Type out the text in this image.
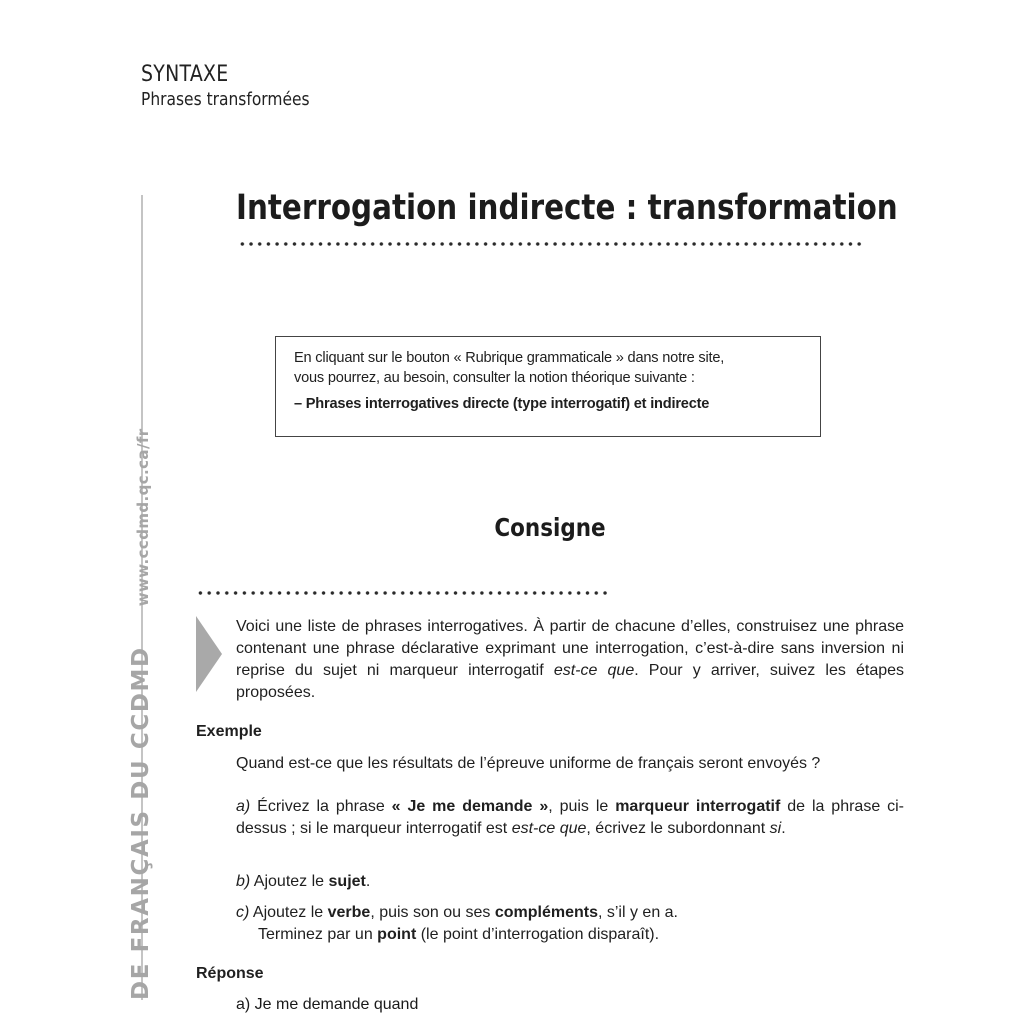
SYNTAXE
Phrases transformées
DE FRANÇAIS DU CCDMDwww.ccdmd.qc.ca/fr
Interrogation indirecte : transformation

En cliquant sur le bouton « Rubrique grammaticale » dans notre site,

vous pourrez, au besoin, consulter la notion théorique suivante :

– Phrases interrogatives directe (type interrogatif) et indirecte

Consigne
Voici une liste de phrases interrogatives. À partir de chacune d’elles, construisez une phrase contenant une phrase déclarative exprimant une interrogation, c’est-à-dire sans inversion ni reprise du sujet ni marqueur interrogatif est-ce que. Pour y arriver, suivez les étapes proposées.
Exemple
Quand est-ce que les résultats de l’épreuve uniforme de français seront envoyés ?
a) Écrivez la phrase « Je me demande », puis le marqueur interrogatif de la phrase ci-dessus ; si le marqueur interrogatif est est-ce que, écrivez le subordonnant si.
b) Ajoutez le sujet.
c) Ajoutez le verbe, puis son ou ses compléments, s’il y en a.
Terminez par un point (le point d’interrogation disparaît).
Réponse
a) Je me demande quand
